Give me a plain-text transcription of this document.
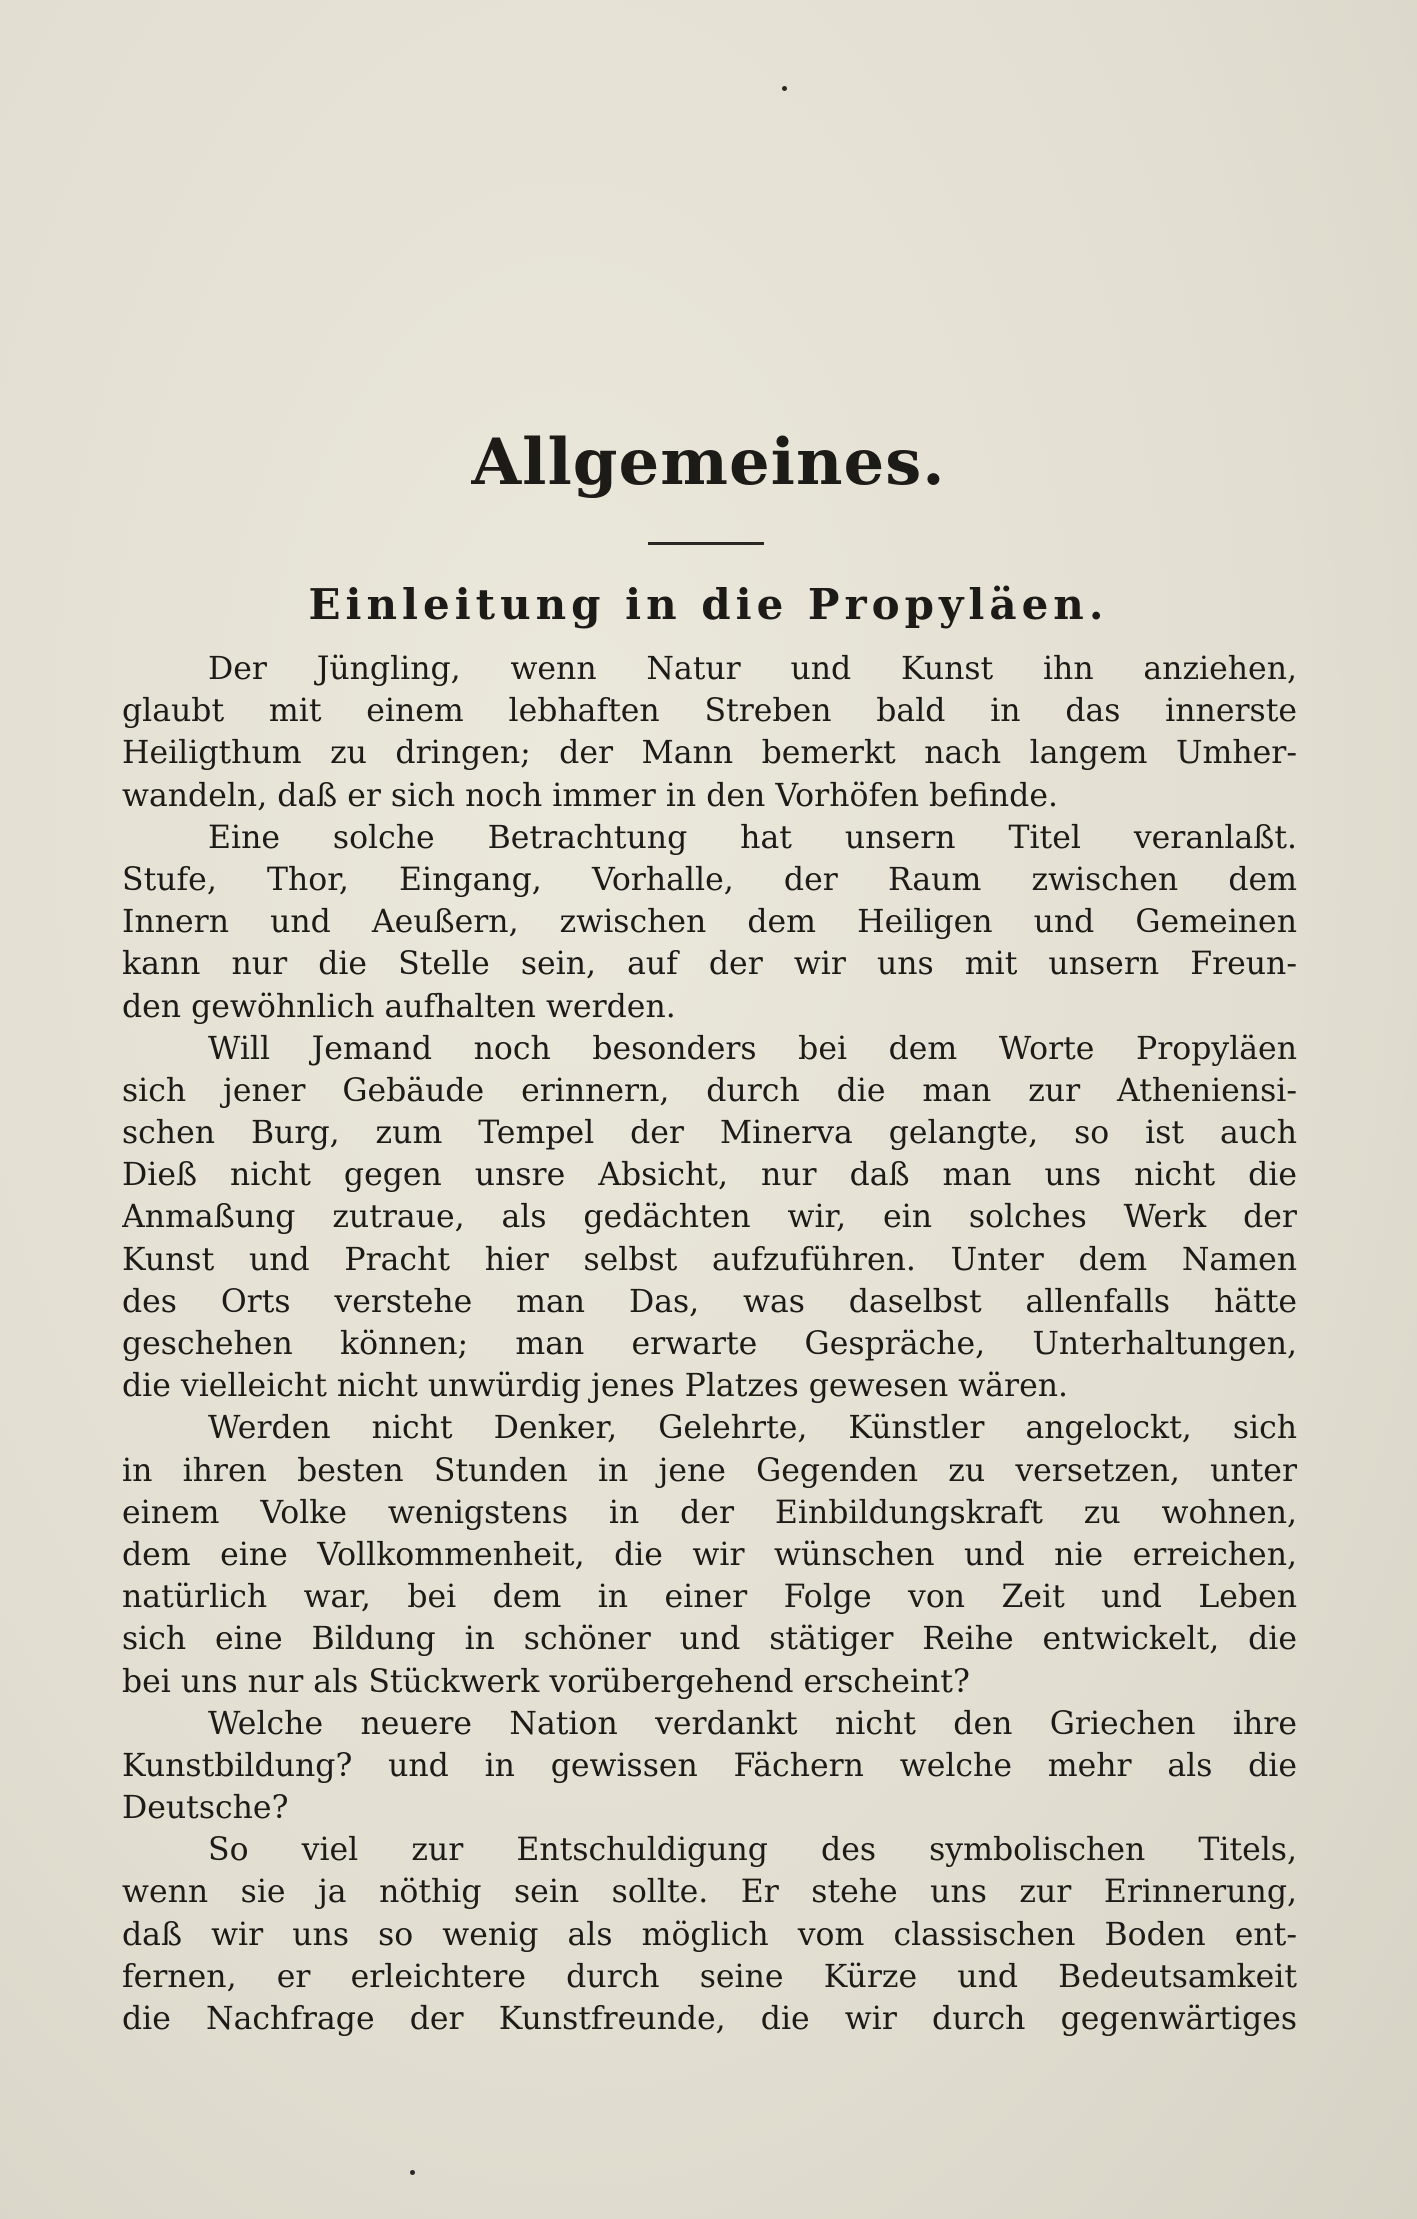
Allgemeines.
Einleitung in die Propyläen.
Der Jüngling, wenn Natur und Kunst ihn anziehen,
glaubt mit einem lebhaften Streben bald in das innerste
Heiligthum zu dringen; der Mann bemerkt nach langem Umher-
wandeln, daß er sich noch immer in den Vorhöfen befinde.
Eine solche Betrachtung hat unsern Titel veranlaßt.
Stufe, Thor, Eingang, Vorhalle, der Raum zwischen dem
Innern und Aeußern, zwischen dem Heiligen und Gemeinen
kann nur die Stelle sein, auf der wir uns mit unsern Freun-
den gewöhnlich aufhalten werden.
Will Jemand noch besonders bei dem Worte Propyläen
sich jener Gebäude erinnern, durch die man zur Atheniensi-
schen Burg, zum Tempel der Minerva gelangte, so ist auch
Dieß nicht gegen unsre Absicht, nur daß man uns nicht die
Anmaßung zutraue, als gedächten wir, ein solches Werk der
Kunst und Pracht hier selbst aufzuführen. Unter dem Namen
des Orts verstehe man Das, was daselbst allenfalls hätte
geschehen können; man erwarte Gespräche, Unterhaltungen,
die vielleicht nicht unwürdig jenes Platzes gewesen wären.
Werden nicht Denker, Gelehrte, Künstler angelockt, sich
in ihren besten Stunden in jene Gegenden zu versetzen, unter
einem Volke wenigstens in der Einbildungskraft zu wohnen,
dem eine Vollkommenheit, die wir wünschen und nie erreichen,
natürlich war, bei dem in einer Folge von Zeit und Leben
sich eine Bildung in schöner und stätiger Reihe entwickelt, die
bei uns nur als Stückwerk vorübergehend erscheint?
Welche neuere Nation verdankt nicht den Griechen ihre
Kunstbildung? und in gewissen Fächern welche mehr als die
Deutsche?
So viel zur Entschuldigung des symbolischen Titels,
wenn sie ja nöthig sein sollte. Er stehe uns zur Erinnerung,
daß wir uns so wenig als möglich vom classischen Boden ent-
fernen, er erleichtere durch seine Kürze und Bedeutsamkeit
die Nachfrage der Kunstfreunde, die wir durch gegenwärtiges
